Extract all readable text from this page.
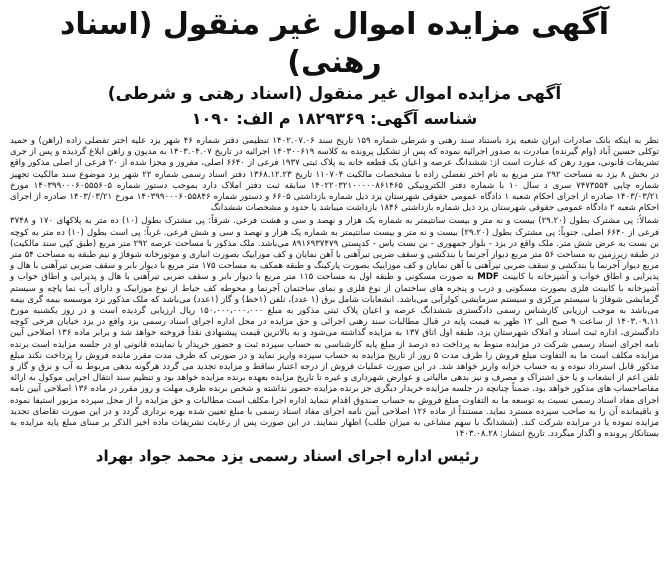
آگهی مزایده اموال غیر منقول (اسناد رهنی)
آگهی مزایده اموال غیر منقول (اسناد رهنی و شرطی)
شناسه آگهی: ۱۸۲۹۳۶۹ م الف: ۱۰۹۰

نظر به اینکه بانک صادرات ایران شعبه یزد باستناد سند رهنی و شرطی شماره ۱۵۹ تاریخ سند ۱۴۰۲.۰۷.۰۶ تنظیمی دفتر شماره ۴۶ شهر یزد علیه اختر تفضلی زاده (راهن) و حمید توکلی حسین آباد (وام گیرنده) مبادرت به صدور اجرائیه نموده که پس از تشکیل پرونده به کلاسه ۱۴۰۳۰۰۶۱۹ اجرائیه در تاریخ ۱۴۰۳.۰۴.۰۷ به مدیون و راهن ابلاغ گردیده و پس از جری تشریفات قانونی، مورد رهن که عبارت است از: ششدانگ عرصه و اعیان یک قطعه خانه به پلاک ثبتی ۱۹۳۷ فرعی از ۶۶۴۰ اصلی، مفروز و مجزا شده از ۲۰ فرعی از اصلی مذکور واقع در بخش ۸ یزد به مساحت ۲۹۲ متر مربع به نام اختر تفضلی زاده با مشخصات مالکیت ۱۱۰۷۰۴ تاریخ ۱۳۶۸.۱۲.۲۳ دفتر اسناد رسمی شماره ۲۲ شهر یزد موضوع سند مالکیت تجهیز شماره چاپی ۷۴۷۳۵۵۴ سری د سال ۱۰ با شماره دفتر الکترونیکی ۱۴۰۲۲۰۳۲۱۰۰۰۰۰۸۶۱۴۶۵ سابقه ثبت دفتر املاک دارد بموجب دستور شماره ۱۴۰۳۹۹۰۰۰۶۰۵۵۵۶۰۵ مورخ ۱۴۰۳/۰۳/۲۱ صادره از اجرای احکام شعبه ۱ دادگاه عمومی حقوقی شهرستان یزد ذیل شماره بازداشتی ۶۶۰۵ و دستور شماره ۱۴۰۳۹۹۰۰۰۶۰۵۵۸۴۶ مورخ ۱۴۰۳/۰۳/۲۱ صادره از اجرای احکام شعبه ۲ دادگاه عمومی حقوقی شهرستان یزد ذیل شماره بازداشتی ۱۸۴۶ بازداشت میباشد با حدود و مشخصات ششدانگ

شمالاً: پی مشترک بطول (۲۹.۲۰) بیست و نه متر و بیست سانتیمتر به شماره یک هزار و نهصد و سی و هشت فرعی. شرقاً: پی مشترک بطول (۱۰) ده متر به پلاکهای ۱۷۰ و ۳۷۴۸ فرعی از ۶۶۴۰ اصلی. جنوباً: پی مشترک بطول (۲۹.۲۰) بیست و نه متر و بیست سانتیمتر به شماره یک هزار و نهصد و سی و شش فرعی. غرباً: پی است بطول (۱۰) ده متر به کوچه بن بست به عرض شش متر. ملک واقع در یزد - بلوار جمهوری - بن بست یاس - کدپستی ۸۹۱۶۹۳۷۴۷۹ می‌باشد. ملک مذکور با مساحت عرصه ۲۹۲ متر مربع (طبق کپی سند مالکیت) در طبقه زیرزمین به مساحت ۵۶ متر مربع دیوار آجرنما با بندکشی و سقف ضربی تیرآهنی با آهن نمایان و کف موزاییک بصورت انباری و موتورخانه شوفاژ و نیم طبقه به مساحت ۵۴ متر مربع دیوار آجرنما با بندکشی و سقف ضربی تیرآهنی با آهن نمایان و کف موزاییک بصورت پارکینگ و طبقه همکف به مساحت ۱۷۵ متر مربع با دیوار بابر و سقف ضربی تیرآهنی با هال و پذیرایی و اطاق خواب و آشپزخانه با کابینت MDF به صورت مسکونی و طبقه اول به مساحت ۱۱۵ متر مربع با دیوار بابر و سقف ضربی تیرآهنی با هال و پذیرایی و اطاق خواب و آشپزخانه با کابینت فلزی بصورت مسکونی و درب و پنجره های ساختمان از نوع فلزی و نمای ساختمان آجرنما و محوطه کف حیاط از نوع موزاییک و دارای آب نما یاچه و سیستم گرمایشی شوفاژ با سیستم مرکزی و سیستم سرمایشی کولرآبی می‌باشد. انشعابات شامل برق (۱ عدد)، تلفن (۱خط) و گاز (۱عدد) می‌باشد که ملک مذکور نزد موسسه بیمه گری بیمه می‌باشد به موجب ارزیابی کارشناس رسمی دادگستری ششدانگ عرصه و اعیان پلاک ثبتی مذکور به مبلغ ۱۵۰،۰۰۰،۰۰۰،۰۰۰ ریال ارزیابی گردیده است و در روز یکشنبه مورخ ۱۴۰۳.۰۹.۱۱ از ساعت ۹ صبح الی ۱۲ ظهر به قیمت پایه در قبال مطالبات سند رهنی اجرائی و حق مزایده در محل اداره اجرای اسناد رسمی یزد واقع در یزد خیابان فرخی کوچه دادگستری، اداره ثبت اسناد و املاک شهرستان یزد، طبقه اول اتاق ۱۳۷ به مزایده گذاشته می‌شود و به بالاترین قیمت پیشنهادی نقداً فروخته خواهد شد و برابر ماده ۱۳۶ اصلاحی آیین نامه اجرای اسناد رسمی شرکت در مزایده منوط به پرداخت ده درصد از مبلغ پایه کارشناسی به حساب سپرده ثبت و حضور خریدار یا نماینده قانونی او در جلسه مزایده است برنده مزایده مکلف است ما به التفاوت مبلغ فروش را ظرف مدت ۵ روز از تاریخ مزایده به حساب سپرده واریز نماید و در صورتی که ظرف مدت مقرر مانده فروش را پرداخت نکند مبلغ مذکور قابل استرداد نبوده و به حساب خزانه واریز خواهد شد. در این صورت عملیات فروش از درجه اعتبار ساقط و مزایده تجدید می گردد هرگونه بدهی مربوط به آب و برق و گاز و تلفن اعم از انشعاب و یا حق اشتراک و مصرف و نیز بدهی مالیاتی و عوارض شهرداری و غیره تا تاریخ مزایده بعهده برنده مزایده خواهد بود و تنظیم سند انتقال اجرایی موکول به ارائه مفاصاحساب های مذکور خواهد بود. ضمناً چنانچه در جلسه مزایده خریدار دیگری جز برنده مزایده حضور نداشته و شخص برنده ظرف مهلت و روز مقرر در ماده ۱۳۶ اصلاحی آیین نامه اجرای مفاد اسناد رسمی نسبت به توسعه ما به التفاوت مبلغ فروش به حساب صندوق اقدام ننماید اداره اجرا مکلف است مطالبات و حق مزایده را از محل سپرده مزبور استیفا نموده و باقیمانده آن را به صاحب سپرده مسترد نماید. مستنداً از ماده ۱۲۶ اصلاحی آیین نامه اجرای مفاد اسناد رسمی با مبلغ تعیین شده بهره برداری گردد و در این صورت تقاضای تجدید مزایده نموده یا در مزایده شرکت کند. (ششدانگ با سهم مشاعی به میزان طلب) اظهار ننمایند. در این صورت پس از رعایت تشریفات ماده اخیر الذکر بر مبنای مبلغ پایه مزایده به بستانکار پرونده و اگذار میگردد. تاریخ انتشار: ۱۴۰۳.۰۸.۲۸

رئیس اداره اجرای اسناد رسمی یزد محمد جواد بهراد
